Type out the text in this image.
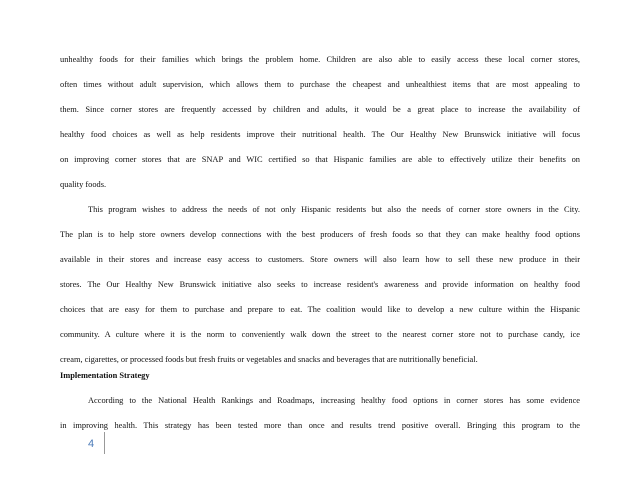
unhealthy foods for their families which brings the problem home. Children are also able to easily access these local corner stores,
often times without adult supervision, which allows them to purchase the cheapest and unhealthiest items that are most appealing to
them. Since corner stores are frequently accessed by children and adults, it would be a great place to increase the availability of
healthy food choices as well as help residents improve their nutritional health. The Our Healthy New Brunswick initiative will focus
on improving corner stores that are SNAP and WIC certified so that Hispanic families are able to effectively utilize their benefits on
quality foods.
This program wishes to address the needs of not only Hispanic residents but also the needs of corner store owners in the City.
The plan is to help store owners develop connections with the best producers of fresh foods so that they can make healthy food options
available in their stores and increase easy access to customers. Store owners will also learn how to sell these new produce in their
stores. The Our Healthy New Brunswick initiative also seeks to increase resident's awareness and provide information on healthy food
choices that are easy for them to purchase and prepare to eat. The coalition would like to develop a new culture within the Hispanic
community. A culture where it is the norm to conveniently walk down the street to the nearest corner store not to purchase candy, ice
cream, cigarettes, or processed foods but fresh fruits or vegetables and snacks and beverages that are nutritionally beneficial.
Implementation Strategy
According to the National Health Rankings and Roadmaps, increasing healthy food options in corner stores has some evidence
in improving health. This strategy has been tested more than once and results trend positive overall. Bringing this program to the
4
